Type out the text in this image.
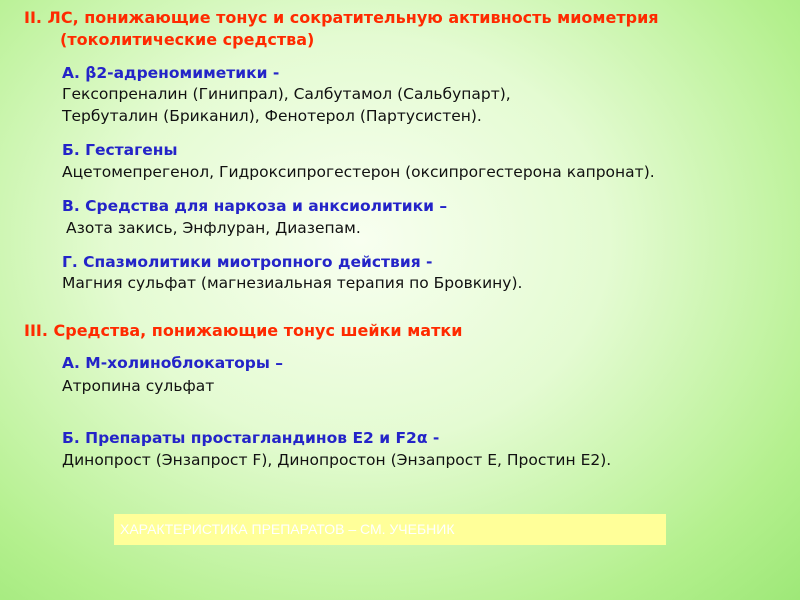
II. ЛС, понижающие тонус и сократительную активность миометрия

(токолитические средства)

А. β2-адреномиметики -

Гексопреналин (Гинипрал), Салбутамол (Сальбупарт),

Тербуталин (Бриканил), Фенотерол (Партусистен).

Б. Гестагены

Ацетомепрегенол, Гидроксипрогестерон (оксипрогестерона капронат).

В. Средства для наркоза и анксиолитики –

Азота закись, Энфлуран, Диазепам.

Г. Спазмолитики миотропного действия -

Магния сульфат (магнезиальная терапия по Бровкину).

III. Средства, понижающие тонус шейки матки

А. М-холиноблокаторы –

Атропина сульфат

Б. Препараты простагландинов Е2 и F2α -

Динопрост (Энзапрост F), Динопростон (Энзапрост Е, Простин Е2).

ХАРАКТЕРИСТИКА ПРЕПАРАТОВ – СМ. УЧЕБНИК
